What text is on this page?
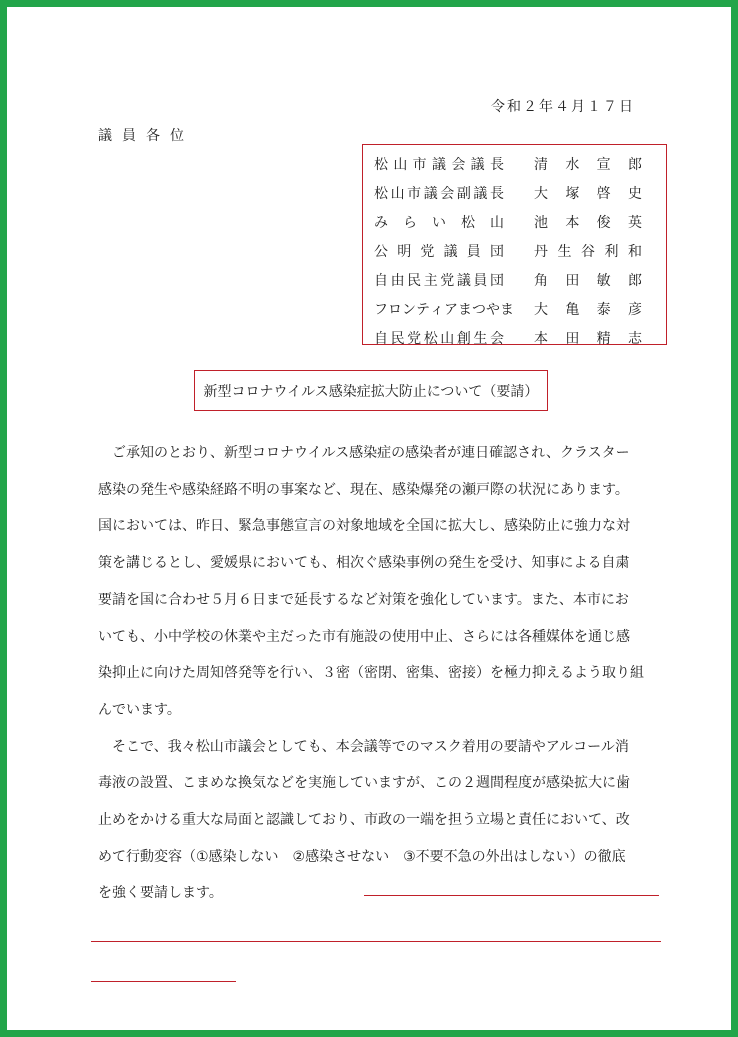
令和２年４月１７日
議員各位
松 山 市 議 会 議 長 清 水 宣 郎
松 山 市 議 会 副 議 長 大 塚 啓 史
み ら い 松 山 池 本 俊 英
公 明 党 議 員 団 丹 生 谷 利 和
自 由 民 主 党 議 員 団 角 田 敏 郎
フ ロ ン テ ィ ア ま つ や ま 大 亀 泰 彦
自 民 党 松 山 創 生 会 本 田 精 志
新型コロナウイルス感染症拡大防止について（要請）
　ご承知のとおり、新型コロナウイルス感染症の感染者が連日確認され、クラスター
感染の発生や感染経路不明の事案など、現在、感染爆発の瀬戸際の状況にあります。
国においては、昨日、緊急事態宣言の対象地域を全国に拡大し、感染防止に強力な対
策を講じるとし、愛媛県においても、相次ぐ感染事例の発生を受け、知事による自粛
要請を国に合わせ５月６日まで延長するなど対策を強化しています。また、本市にお
いても、小中学校の休業や主だった市有施設の使用中止、さらには各種媒体を通じ感
染抑止に向けた周知啓発等を行い、３密（密閉、密集、密接）を極力抑えるよう取り組
んでいます。
　そこで、我々松山市議会としても、本会議等でのマスク着用の要請やアルコール消
毒液の設置、こまめな換気などを実施していますが、この２週間程度が感染拡大に歯
止めをかける重大な局面と認識しており、市政の一端を担う立場と責任において、改
めて行動変容（①感染しない　②感染させない　③不要不急の外出はしない）の徹底
を強く要請します。
